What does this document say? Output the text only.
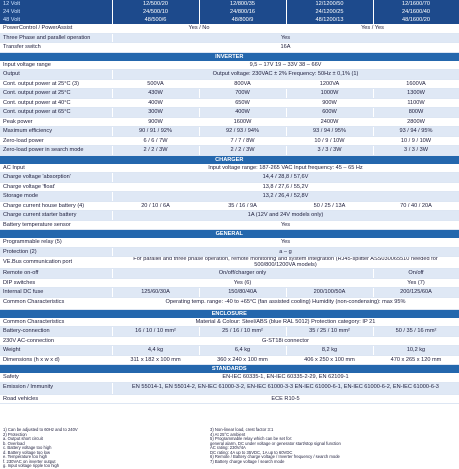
12 Volt	12/500/20	12/800/35	12/1200/50	12/1600/70
24 Volt	24/500/10	24/800/16	24/1200/25	24/1600/40
48 Volt	48/500/6	48/800/9	48/1200/13	48/1600/20
PowerControl / PowerAssist	Yes / No		Yes / Yes	
Three Phase and parallel operation	Yes			
Transfer switch	16A			
INVERTER				
Input voltage range	9,5 – 17V 19 – 33V 38 – 66V			
Output	Output voltage: 230VAC ± 2% Frequency: 50Hz ± 0,1% (1)			
Cont. output power at 25°C (3)	500VA	800VA	1200VA	1600VA
Cont. output power at 25°C	430W	700W	1000W	1300W
Cont. output power at 40°C	400W	650W	900W	1100W
Cont. output power at 65°C	300W	400W	600W	800W
Peak power	900W	1600W	2400W	2800W
Maximum efficiency	90 / 91 / 92%	92 / 93 / 94%	93 / 94 / 95%	93 / 94 / 95%
Zero-load power	6 / 6 / 7W	7 / 7 / 8W	10 / 9 / 10W	10 / 9 / 10W
Zero-load power in search mode	2 / 2 / 3W	2 / 2 / 3W	3 / 3 / 3W	3 / 3 / 3W
CHARGER				
AC Input	Input voltage range: 187-265 VAC Input frequency: 45 – 65 Hz			
Charge voltage 'absorption'	14,4 / 28,8 / 57,6V			
Charge voltage 'float'	13,8 / 27,6 / 55,2V			
Storage mode	13,2 / 26,4 / 52,8V			
Charge current house battery (4)	20 / 10 / 6A	35 / 16 / 9A	50 / 25 / 13A	70 / 40 / 20A
Charge current starter battery	1A (12V and 24V models only)			
Battery temperature sensor	Yes			
GENERAL				
Programmable relay (5)	Yes			
Protection (2)	a – g			
VE.Bus communication port	For parallel and three phase operation, remote monitoring and system integration (RJ45-splitter ASS030065510 needed for 500/800/1200VA models)			
Remote on-off	On/off/charger only			On/off
DIP switches	Yes (6)			Yes (7)
Internal DC fuse	125/60/30A	150/80/40A	200/100/50A	200/125/60A
Common Characteristics	Operating temp. range: -40 to +65°C (fan assisted cooling) Humidity (non-condensing): max 95%			
ENCLOSURE				
Common Characteristics	Material & Colour: Steel/ABS (blue RAL 5012) Protection category: IP 21			
Battery-connection	16 / 10 / 10 mm²	25 / 16 / 10 mm²	35 / 25 / 10 mm²	50 / 35 / 16 mm²
230V AC-connection	G-ST18i connector			
Weight	4,4 kg	6,4 kg	8,2 kg	10,2 kg
Dimensions (h x w x d)	311 x 182 x 100 mm	360 x 240 x 100 mm	406 x 250 x 100 mm	470 x 265 x 120 mm
STANDARDS				
Safety	EN-IEC 60335-1, EN-IEC 60335-2-29, EN 62109-1			
Emission / Immunity	EN 55014-1, EN 55014-2, EN-IEC 61000-3-2, EN-IEC 61000-3-3 EN-IEC 61000-6-1, EN-IEC 61000-6-2, EN-IEC 61000-6-3			
Road vehicles	ECE R10-5			
1) Can be adjusted to 60Hz and to 240V
2) Protection
a. Output short circuit
b. Overload
c. Battery voltage too high
d. Battery voltage too low
e. Temperature too high
f. 230VAC on inverter output
g. Input voltage ripple too high
3) Non-linear load, crest factor 3:1
4) At 25°C ambient
5) Programmable relay which can be set for:
general alarm, DC under voltage or generator start/stop signal function
AC rating: 230V/4A
DC rating: 4A up to 35VDC, 1A up to 60VDC
6) Remote / Battery charge voltage / Inverter frequency / search mode
7) Battery charge voltage / search mode
